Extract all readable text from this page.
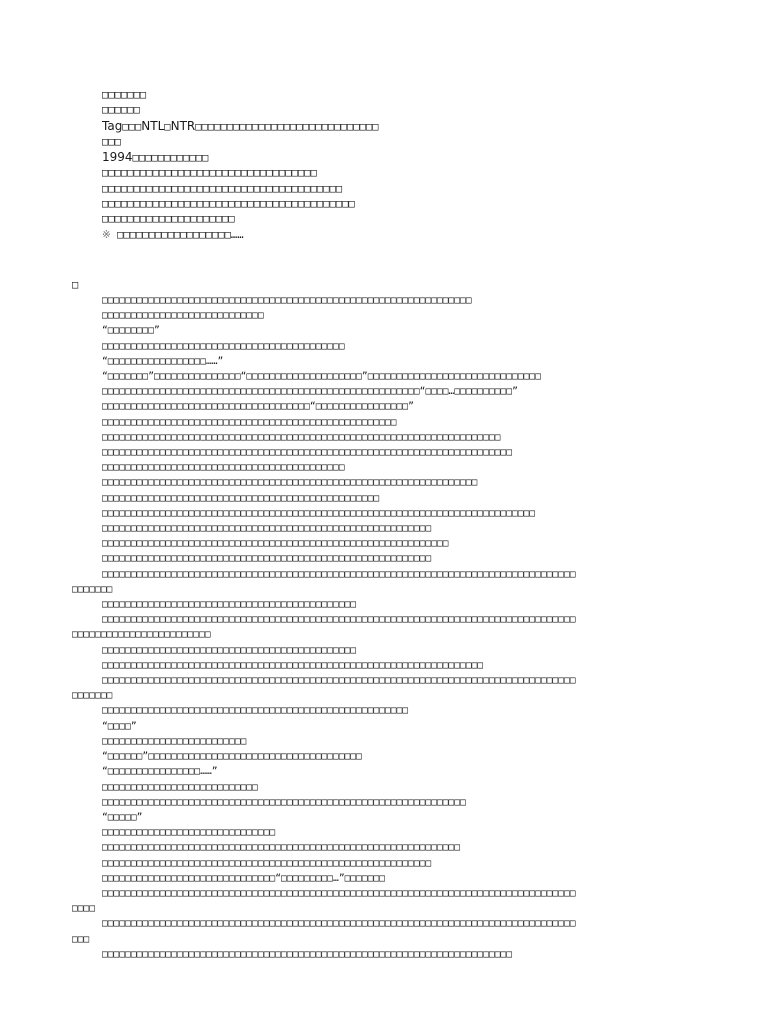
□□□□□□□
□□□□□□
Tag□□□NTL□NTR□□□□□□□□□□□□□□□□□□□□□□□□□□□□□
□□□
1994□□□□□□□□□□□□
□□□□□□□□□□□□□□□□□□□□□□□□□□□□□□□□□□
□□□□□□□□□□□□□□□□□□□□□□□□□□□□□□□□□□□□□□
□□□□□□□□□□□□□□□□□□□□□□□□□□□□□□□□□□□□□□□□
□□□□□□□□□□□□□□□□□□□□□
※ □□□□□□□□□□□□□□□□□□……

□

□□□□□□□□□□□□□□□□□□□□□□□□□□□□□□□□□□□□□□□□□□□□□□□□□□□□□□□□□□□□□□□□
□□□□□□□□□□□□□□□□□□□□□□□□□□□□
“□□□□□□□□”
□□□□□□□□□□□□□□□□□□□□□□□□□□□□□□□□□□□□□□□□□□
“□□□□□□□□□□□□□□□□□……”
“□□□□□□□”□□□□□□□□□□□□□□□“□□□□□□□□□□□□□□□□□□□□”□□□□□□□□□□□□□□□□□□□□□□□□□□□□□□
□□□□□□□□□□□□□□□□□□□□□□□□□□□□□□□□□□□□□□□□□□□□□□□□□□□□□□□“□□□□…□□□□□□□□□□”
□□□□□□□□□□□□□□□□□□□□□□□□□□□□□□□□□□□□“□□□□□□□□□□□□□□□□”
□□□□□□□□□□□□□□□□□□□□□□□□□□□□□□□□□□□□□□□□□□□□□□□□□□□
□□□□□□□□□□□□□□□□□□□□□□□□□□□□□□□□□□□□□□□□□□□□□□□□□□□□□□□□□□□□□□□□□□□□□
□□□□□□□□□□□□□□□□□□□□□□□□□□□□□□□□□□□□□□□□□□□□□□□□□□□□□□□□□□□□□□□□□□□□□□□
□□□□□□□□□□□□□□□□□□□□□□□□□□□□□□□□□□□□□□□□□□
□□□□□□□□□□□□□□□□□□□□□□□□□□□□□□□□□□□□□□□□□□□□□□□□□□□□□□□□□□□□□□□□□
□□□□□□□□□□□□□□□□□□□□□□□□□□□□□□□□□□□□□□□□□□□□□□□□
□□□□□□□□□□□□□□□□□□□□□□□□□□□□□□□□□□□□□□□□□□□□□□□□□□□□□□□□□□□□□□□□□□□□□□□□□□□
□□□□□□□□□□□□□□□□□□□□□□□□□□□□□□□□□□□□□□□□□□□□□□□□□□□□□□□□□
□□□□□□□□□□□□□□□□□□□□□□□□□□□□□□□□□□□□□□□□□□□□□□□□□□□□□□□□□□□□
□□□□□□□□□□□□□□□□□□□□□□□□□□□□□□□□□□□□□□□□□□□□□□□□□□□□□□□□□
□□□□□□□□□□□□□□□□□□□□□□□□□□□□□□□□□□□□□□□□□□□□□□□□□□□□□□□□□□□□□□□□□□□□□□□□□□□□□□□□□□
□□□□□□□
□□□□□□□□□□□□□□□□□□□□□□□□□□□□□□□□□□□□□□□□□□□□
□□□□□□□□□□□□□□□□□□□□□□□□□□□□□□□□□□□□□□□□□□□□□□□□□□□□□□□□□□□□□□□□□□□□□□□□□□□□□□□□□□
□□□□□□□□□□□□□□□□□□□□□□□□
□□□□□□□□□□□□□□□□□□□□□□□□□□□□□□□□□□□□□□□□□□□□
□□□□□□□□□□□□□□□□□□□□□□□□□□□□□□□□□□□□□□□□□□□□□□□□□□□□□□□□□□□□□□□□□□
□□□□□□□□□□□□□□□□□□□□□□□□□□□□□□□□□□□□□□□□□□□□□□□□□□□□□□□□□□□□□□□□□□□□□□□□□□□□□□□□□□
□□□□□□□
□□□□□□□□□□□□□□□□□□□□□□□□□□□□□□□□□□□□□□□□□□□□□□□□□□□□□
“□□□□”
□□□□□□□□□□□□□□□□□□□□□□□□□
“□□□□□□”□□□□□□□□□□□□□□□□□□□□□□□□□□□□□□□□□□□□□
“□□□□□□□□□□□□□□□□……”
□□□□□□□□□□□□□□□□□□□□□□□□□□□
□□□□□□□□□□□□□□□□□□□□□□□□□□□□□□□□□□□□□□□□□□□□□□□□□□□□□□□□□□□□□□□
“□□□□□”
□□□□□□□□□□□□□□□□□□□□□□□□□□□□□□
□□□□□□□□□□□□□□□□□□□□□□□□□□□□□□□□□□□□□□□□□□□□□□□□□□□□□□□□□□□□□□
□□□□□□□□□□□□□□□□□□□□□□□□□□□□□□□□□□□□□□□□□□□□□□□□□□□□□□□□□
□□□□□□□□□□□□□□□□□□□□□□□□□□□□□□“□□□□□□□□□…”□□□□□□□
□□□□□□□□□□□□□□□□□□□□□□□□□□□□□□□□□□□□□□□□□□□□□□□□□□□□□□□□□□□□□□□□□□□□□□□□□□□□□□□□□□
□□□□
□□□□□□□□□□□□□□□□□□□□□□□□□□□□□□□□□□□□□□□□□□□□□□□□□□□□□□□□□□□□□□□□□□□□□□□□□□□□□□□□□□
□□□
□□□□□□□□□□□□□□□□□□□□□□□□□□□□□□□□□□□□□□□□□□□□□□□□□□□□□□□□□□□□□□□□□□□□□□□
